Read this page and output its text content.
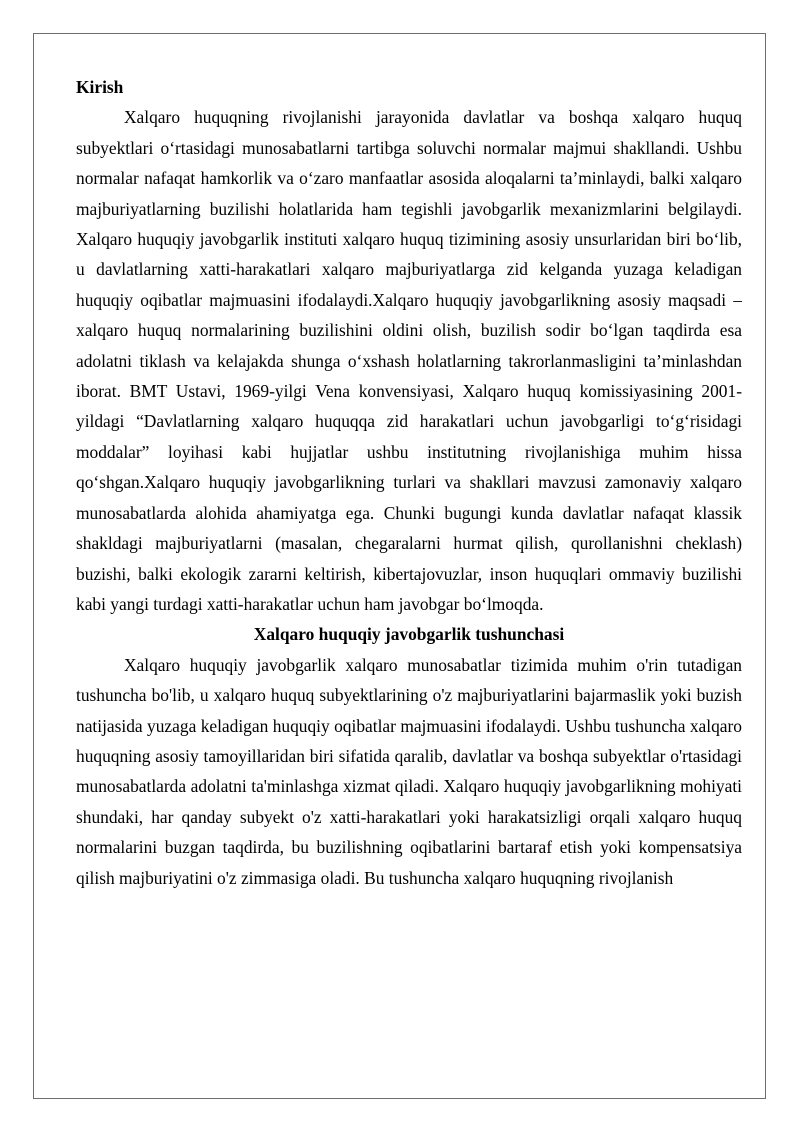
Kirish

Xalqaro huquqning rivojlanishi jarayonida davlatlar va boshqa xalqaro huquq subyektlari o‘rtasidagi munosabatlarni tartibga soluvchi normalar majmui shakllandi. Ushbu normalar nafaqat hamkorlik va o‘zaro manfaatlar asosida aloqalarni ta’minlaydi, balki xalqaro majburiyatlarning buzilishi holatlarida ham tegishli javobgarlik mexanizmlarini belgilaydi. Xalqaro huquqiy javobgarlik instituti xalqaro huquq tizimining asosiy unsurlaridan biri bo‘lib, u davlatlarning xatti-harakatlari xalqaro majburiyatlarga zid kelganda yuzaga keladigan huquqiy oqibatlar majmuasini ifodalaydi.Xalqaro huquqiy javobgarlikning asosiy maqsadi – xalqaro huquq normalarining buzilishini oldini olish, buzilish sodir bo‘lgan taqdirda esa adolatni tiklash va kelajakda shunga o‘xshash holatlarning takrorlanmasligini ta’minlashdan iborat. BMT Ustavi, 1969-yilgi Vena konvensiyasi, Xalqaro huquq komissiyasining 2001-yildagi “Davlatlarning xalqaro huquqqa zid harakatlari uchun javobgarligi to‘g‘risidagi moddalar” loyihasi kabi hujjatlar ushbu institutning rivojlanishiga muhim hissa qo‘shgan.Xalqaro huquqiy javobgarlikning turlari va shakllari mavzusi zamonaviy xalqaro munosabatlarda alohida ahamiyatga ega. Chunki bugungi kunda davlatlar nafaqat klassik shakldagi majburiyatlarni (masalan, chegaralarni hurmat qilish, qurollanishni cheklash) buzishi, balki ekologik zararni keltirish, kibertajovuzlar, inson huquqlari ommaviy buzilishi kabi yangi turdagi xatti-harakatlar uchun ham javobgar bo‘lmoqda.

Xalqaro huquqiy javobgarlik tushunchasi

Xalqaro huquqiy javobgarlik xalqaro munosabatlar tizimida muhim o'rin tutadigan tushuncha bo'lib, u xalqaro huquq subyektlarining o'z majburiyatlarini bajarmaslik yoki buzish natijasida yuzaga keladigan huquqiy oqibatlar majmuasini ifodalaydi. Ushbu tushuncha xalqaro huquqning asosiy tamoyillaridan biri sifatida qaralib, davlatlar va boshqa subyektlar o'rtasidagi munosabatlarda adolatni ta'minlashga xizmat qiladi. Xalqaro huquqiy javobgarlikning mohiyati shundaki, har qanday subyekt o'z xatti-harakatlari yoki harakatsizligi orqali xalqaro huquq normalarini buzgan taqdirda, bu buzilishning oqibatlarini bartaraf etish yoki kompensatsiya qilish majburiyatini o'z zimmasiga oladi. Bu tushuncha xalqaro huquqning rivojlanish
